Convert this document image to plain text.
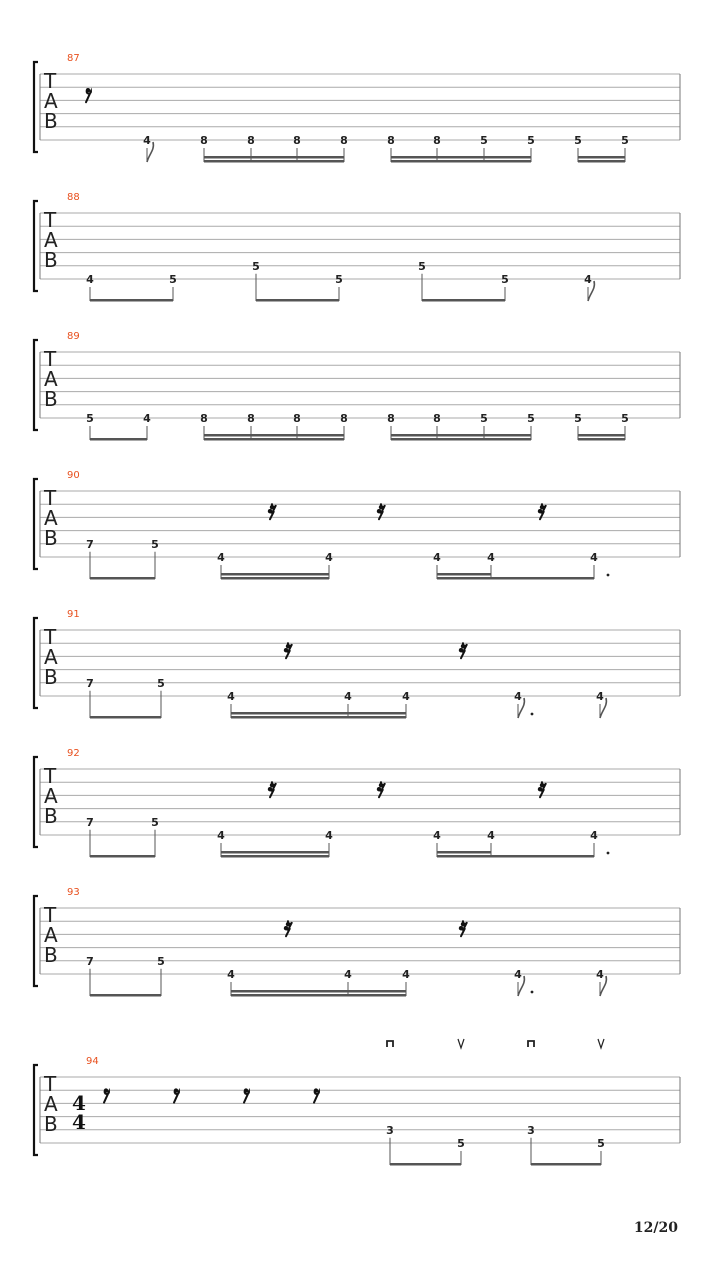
T
A
B
87
4	8	8	8	8	8	8	5	5	5	5
T
A
B
88
4	5
5
5
5
5	4
T
A
B
89
5	4	8	8	8	8	8	8	5	5	5	5
T
A
B
90
7	5
4	4	4	4	4
T
A
B
91
7	5
4	4	4	4	4
T
A
B
92
7	5
4	4	4	4	4
T
A
B
93
7	5
4	4	4	4	4
T
A
B
94
4
4	3
5
3
5
12/20
